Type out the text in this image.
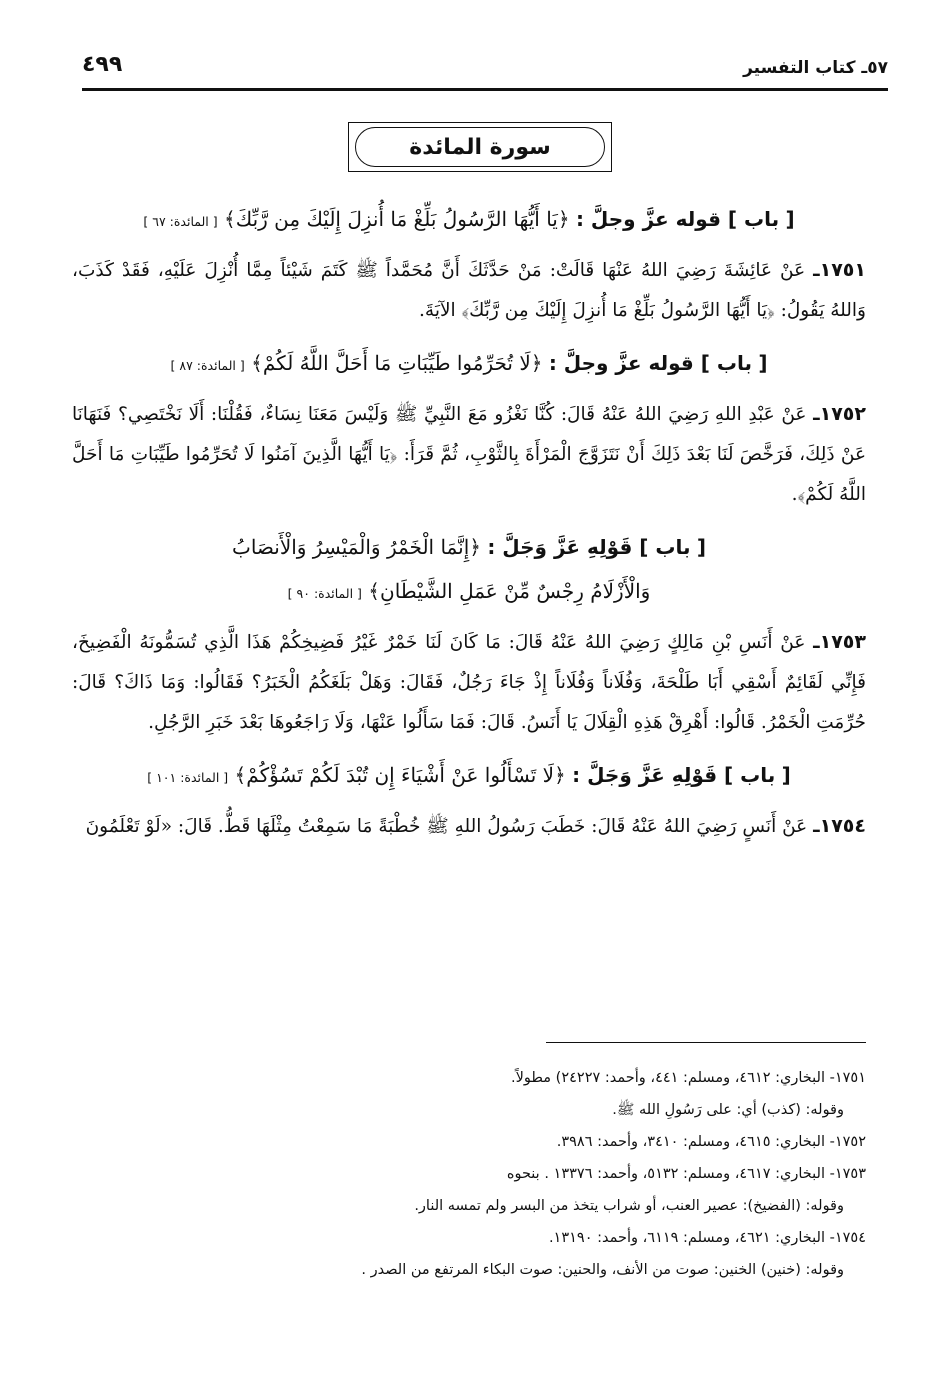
٥٧ـ كتاب التفسير
٤٩٩
سورة المائدة
[ باب ] قوله عزَّ وجلَّ : ﴿يَا أَيُّهَا الرَّسُولُ بَلِّغْ مَا أُنزِلَ إِلَيْكَ مِن رَّبِّكَ﴾ [ المائدة: ٦٧ ]

١٧٥١ـ عَنْ عَائِشَةَ رَضِيَ اللهُ عَنْهَا قَالَتْ: مَنْ حَدَّثَكَ أَنَّ مُحَمَّداً ﷺ كَتَمَ شَيْئاً مِمَّا أُنْزِلَ عَلَيْهِ، فَقَدْ كَذَبَ، وَاللهُ يَقُولُ: ﴿يَا أَيُّهَا الرَّسُولُ بَلِّغْ مَا أُنزِلَ إِلَيْكَ مِن رَّبِّكَ﴾ الآيَةَ.

[ باب ] قوله عزَّ وجلَّ : ﴿لَا تُحَرِّمُوا طَيِّبَاتِ مَا أَحَلَّ اللَّهُ لَكُمْ﴾ [ المائدة: ٨٧ ]

١٧٥٢ـ عَنْ عَبْدِ اللهِ رَضِيَ اللهُ عَنْهُ قَالَ: كُنَّا نَغْزُو مَعَ النَّبِيِّ ﷺ وَلَيْسَ مَعَنَا نِسَاءٌ، فَقُلْنَا: أَلَا نَخْتَصِي؟ فَنَهَانَا عَنْ ذَلِكَ، فَرَخَّصَ لَنَا بَعْدَ ذَلِكَ أَنْ نَتَزَوَّجَ الْمَرْأَةَ بِالثَّوْبِ، ثُمَّ قَرَأَ: ﴿يَا أَيُّهَا الَّذِينَ آمَنُوا لَا تُحَرِّمُوا طَيِّبَاتِ مَا أَحَلَّ اللَّهُ لَكُمْ﴾.

[ باب ] قَوْلِهِ عَزَّ وَجَلَّ : ﴿إِنَّمَا الْخَمْرُ وَالْمَيْسِرُ وَالْأَنصَابُ
وَالْأَزْلَامُ رِجْسٌ مِّنْ عَمَلِ الشَّيْطَانِ﴾ [ المائدة: ٩٠ ]

١٧٥٣ـ عَنْ أَنَسِ بْنِ مَالِكٍ رَضِيَ اللهُ عَنْهُ قَالَ: مَا كَانَ لَنَا خَمْرٌ غَيْرُ فَضِيخِكُمْ هَذَا الَّذِي تُسَمُّونَهُ الْفَضِيخَ، فَإِنِّي لَقَائِمٌ أَسْقِي أَبَا طَلْحَةَ، وَفُلَاناً وَفُلَاناً إِذْ جَاءَ رَجُلٌ، فَقَالَ: وَهَلْ بَلَغَكُمُ الْخَبَرُ؟ فَقَالُوا: وَمَا ذَاكَ؟ قَالَ: حُرِّمَتِ الْخَمْرُ. قَالُوا: أَهْرِقْ هَذِهِ الْقِلَالَ يَا أَنَسُ. قَالَ: فَمَا سَأَلُوا عَنْهَا، وَلَا رَاجَعُوهَا بَعْدَ خَبَرِ الرَّجُلِ.

[ باب ] قَوْلِهِ عَزَّ وَجَلَّ : ﴿لَا تَسْأَلُوا عَنْ أَشْيَاءَ إِن تُبْدَ لَكُمْ تَسُؤْكُمْ﴾ [ المائدة: ١٠١ ]

١٧٥٤ـ عَنْ أَنَسٍ رَضِيَ اللهُ عَنْهُ قَالَ: خَطَبَ رَسُولُ اللهِ ﷺ خُطْبَةً مَا سَمِعْتُ مِثْلَهَا قَطُّ. قَالَ: «لَوْ تَعْلَمُونَ

١٧٥١- البخاري: ٤٦١٢، ومسلم: ٤٤١، وأحمد: ٢٤٢٢٧) مطولاً.
وقوله: (كذب) أي: على رَسُولِ الله ﷺ.
١٧٥٢- البخاري: ٤٦١٥، ومسلم: ٣٤١٠، وأحمد: ٣٩٨٦.
١٧٥٣- البخاري: ٤٦١٧، ومسلم: ٥١٣٢، وأحمد: ١٣٣٧٦ . بنحوه
وقوله: (الفضيخ): عصير العنب، أو شراب يتخذ من البسر ولم تمسه النار.
١٧٥٤- البخاري: ٤٦٢١، ومسلم: ٦١١٩، وأحمد: ١٣١٩٠.
وقوله: (خنين) الخنين: صوت من الأنف، والحنين: صوت البكاء المرتفع من الصدر .
